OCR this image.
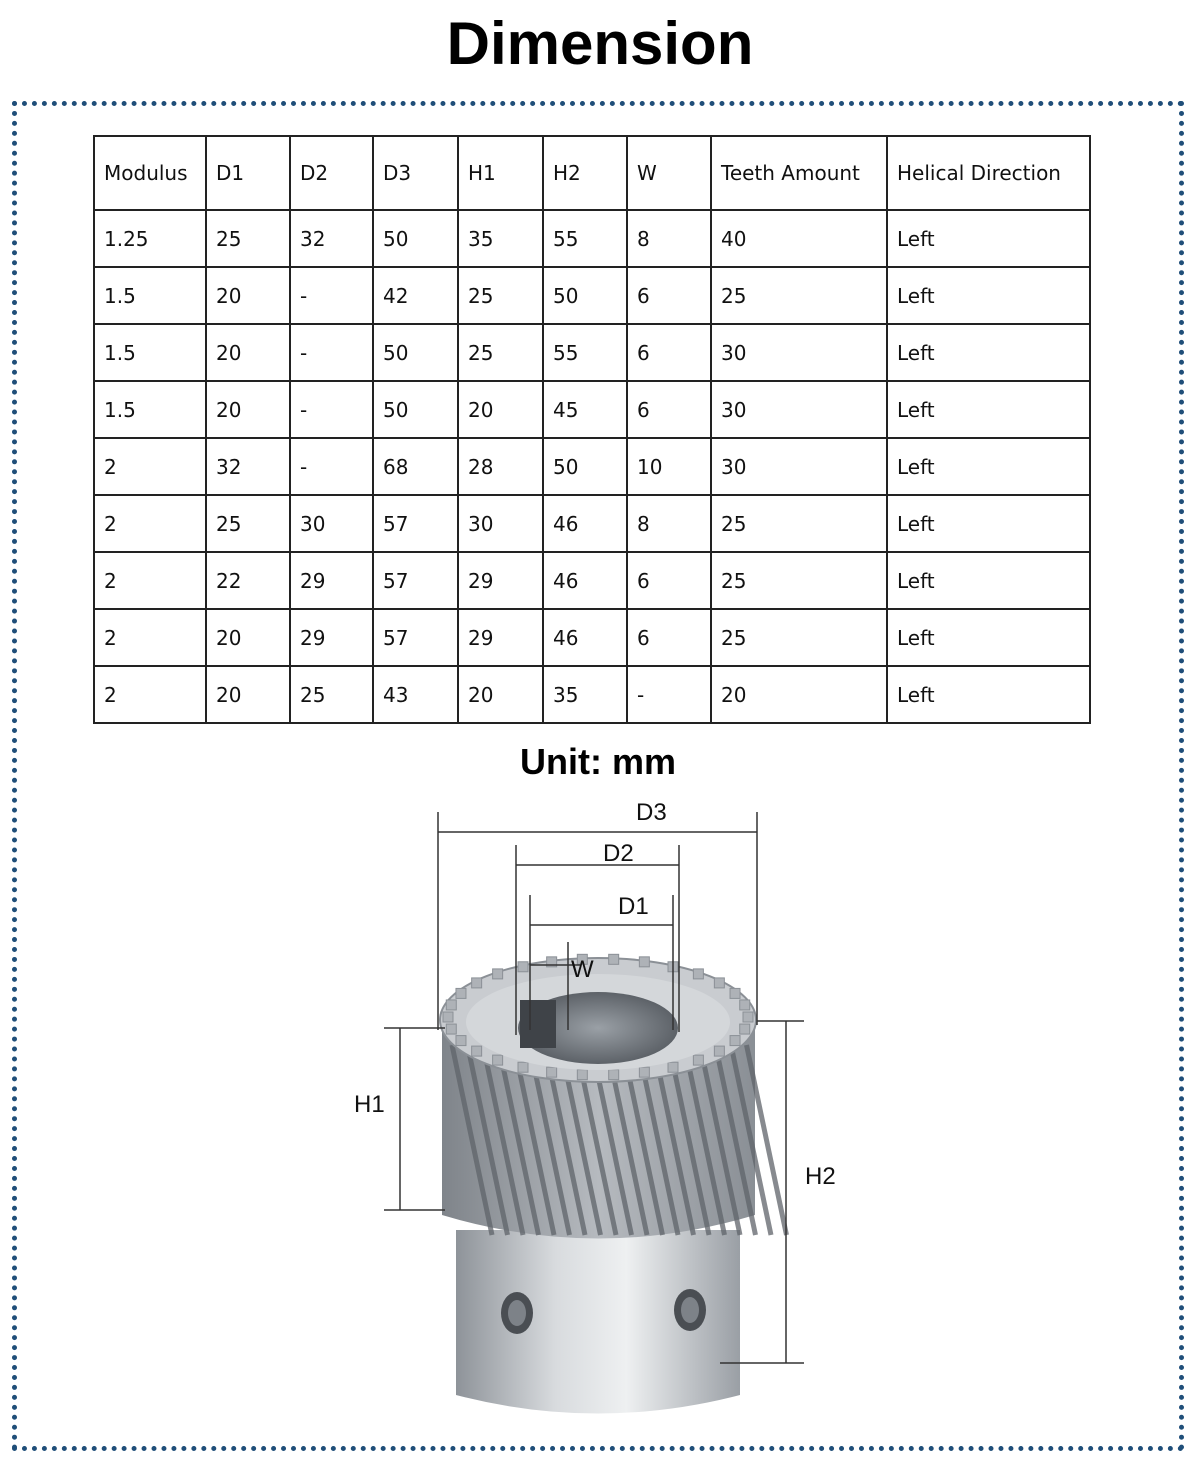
Dimension
Modulus	D1	D2	D3	H1	H2	W	Teeth Amount	Helical Direction
1.25	25	32	50	35	55	8	40	Left
1.5	20	-	42	25	50	6	25	Left
1.5	20	-	50	25	55	6	30	Left
1.5	20	-	50	20	45	6	30	Left
2	32	-	68	28	50	10	30	Left
2	25	30	57	30	46	8	25	Left
2	22	29	57	29	46	6	25	Left
2	20	29	57	29	46	6	25	Left
2	20	25	43	20	35	-	20	Left
Unit: mm
D3
D2
D1
W
H1
H2
